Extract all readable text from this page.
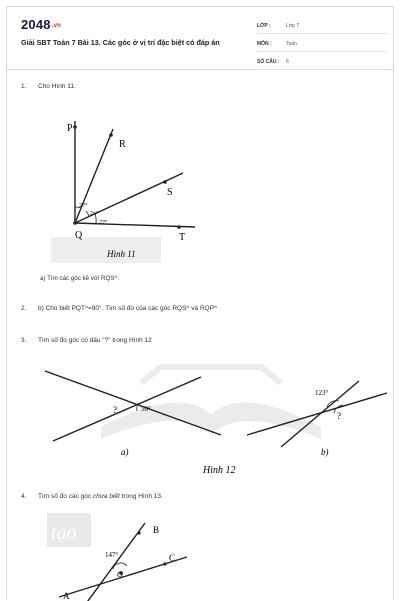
2048.vn
Giải SBT Toán 7 Bài 13. Các góc ở vị trí đặc biệt có đáp án
LỚP :	Lớp 7
MÔN :	Toán
SỐ CÂU : 6
1. Cho Hình 11.
P
R
S
Q	T
27°
2x°
27°
Hình 11
a) Tìm các góc kề với RQS^.
2. b) Cho biết PQT^=90°. Tìm số đo của các góc RQS^ và RQP^
3. Tìm số đo góc có dấu "?" trong Hình 12
50°
?
a)
123°
?
b)
Hình 12
4. Tìm số đo các góc chưa biết trong Hình 13.
tạo
147°
O
B
C
A
